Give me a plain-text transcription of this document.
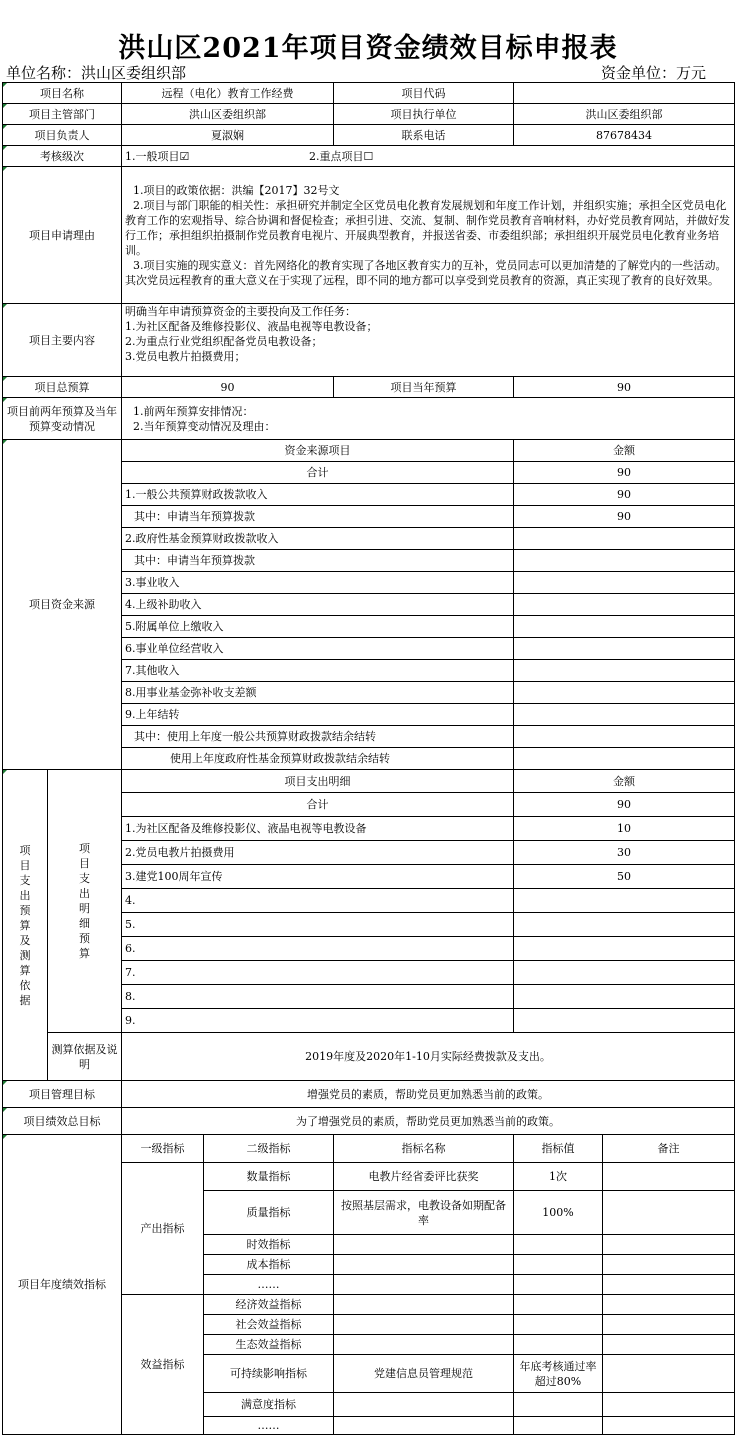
洪山区2021年项目资金绩效目标申报表
单位名称：洪山区委组织部	资金单位：万元
项目名称		远程（电化）教育工作经费		项目代码		
项目主管部门		洪山区委组织部		项目执行单位	洪山区委组织部	
项目负责人		夏淑娴		联系电话	87678434	
考核级次		1.一般项目☑ 2.重点项目☐				
项目申请理由		1.项目的政策依据：洪编【2017】32号文
2.项目与部门职能的相关性：承担研究并制定全区党员电化教育发展规划和年度工作计划，并组织实施；承担全区党员电化教育工作的宏观指导、综合协调和督促检查；承担引进、交流、复制、制作党员教育音响材料，办好党员教育网站，并做好发行工作；承担组织拍摄制作党员教育电视片、开展典型教育，并报送省委、市委组织部；承担组织开展党员电化教育业务培训。
3.项目实施的现实意义：首先网络化的教育实现了各地区教育实力的互补，党员同志可以更加清楚的了解党内的一些活动。其次党员远程教育的重大意义在于实现了远程，即不同的地方都可以享受到党员教育的资源，真正实现了教育的良好效果。				

项目主要内容		明确当年申请预算资金的主要投向及工作任务：
1.为社区配备及维修投影仪、液晶电视等电教设备；
2.为重点行业党组织配备党员电教设备；
3.党员电教片拍摄费用；				

项目总预算		90		项目当年预算	90	
项目前两年预算及当年预算变动情况		1.前两年预算安排情况：
2.当年预算变动情况及理由：				

项目资金来源		资金来源项目			金额	
		合计			90	
		1.一般公共预算财政拨款收入			90	
		其中：申请当年预算拨款			90	
		2.政府性基金预算财政拨款收入				
		其中：申请当年预算拨款				
		3.事业收入				
		4.上级补助收入				
		5.附属单位上缴收入				
		6.事业单位经营收入				
		7.其他收入				
		8.用事业基金弥补收支差额				
		9.上年结转				
		其中：使用上年度一般公共预算财政拨款结余结转				
		使用上年度政府性基金预算财政拨款结余结转				
项目支出预算及测算依据	项目支出明细预算	项目支出明细			金额	
		合计			90	
		1.为社区配备及维修投影仪、液晶电视等电教设备			10	
		2.党员电教片拍摄费用			30	
		3.建党100周年宣传			50	
		4.				
		5.				
		6.				
		7.				
		8.				
		9.				
	测算依据及说明	2019年度及2020年1-10月实际经费拨款及支出。				
项目管理目标		增强党员的素质，帮助党员更加熟悉当前的政策。				
项目绩效总目标		为了增强党员的素质，帮助党员更加熟悉当前的政策。				
项目年度绩效指标		一级指标	二级指标	指标名称	指标值	备注
		产出指标	数量指标	电教片经省委评比获奖	1次	
			质量指标	按照基层需求，电教设备如期配备率	100%	
			时效指标			
			成本指标			
			……			
		效益指标	经济效益指标			
			社会效益指标			
			生态效益指标			
			可持续影响指标	党建信息员管理规范	年底考核通过率超过80%	
			满意度指标			
			……			
